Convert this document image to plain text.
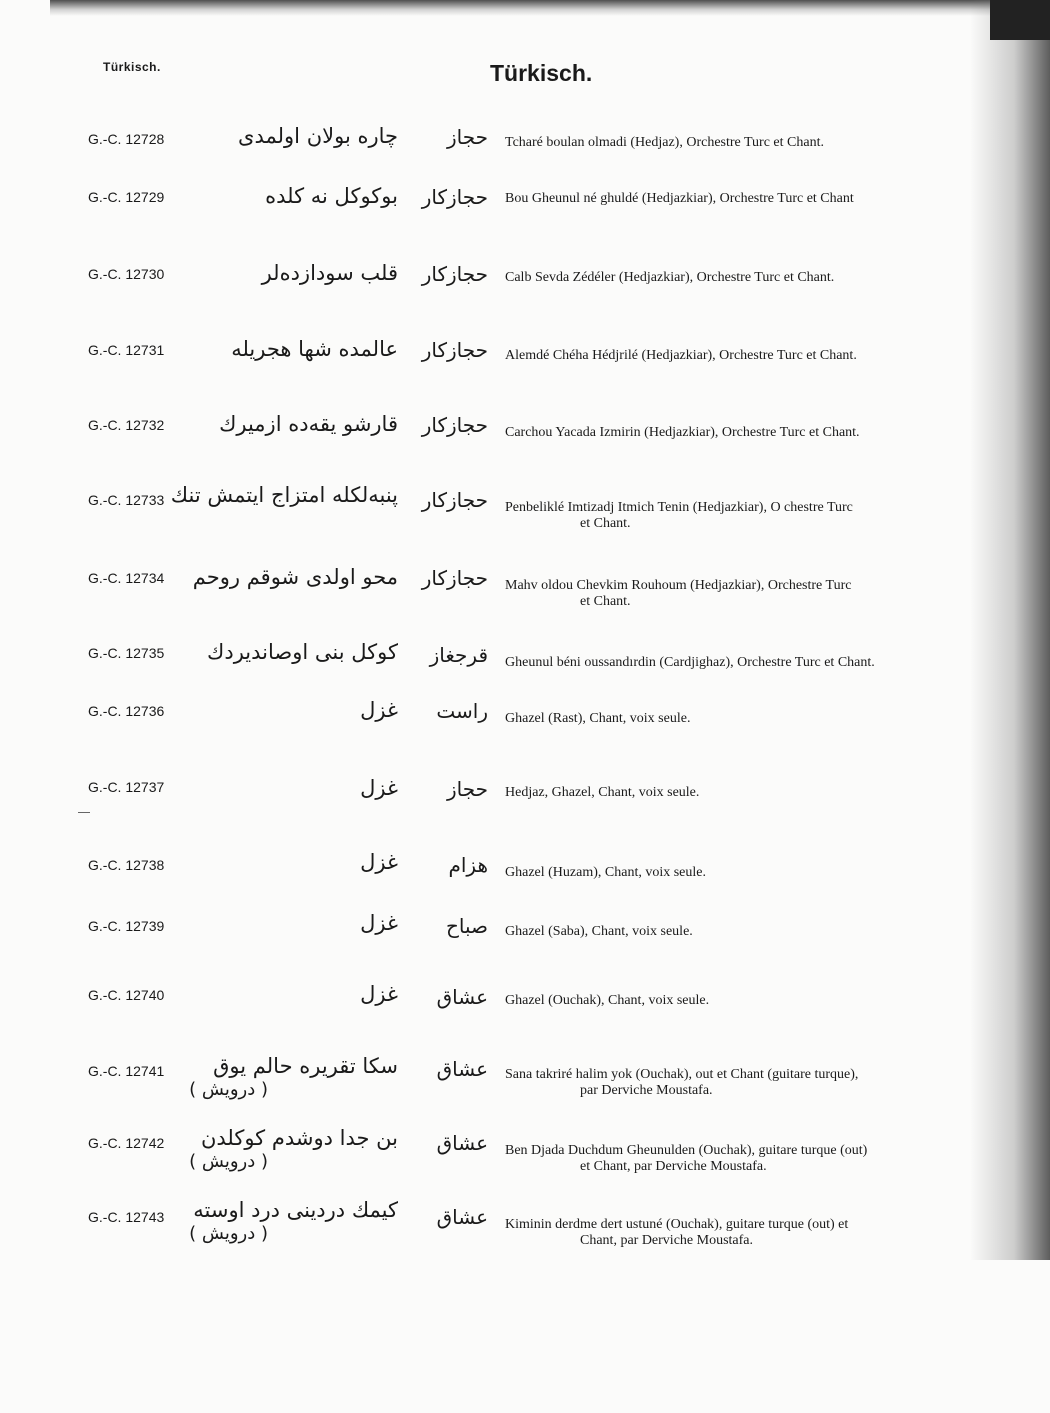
Türkisch.	Türkisch.
G.-C. 12728	چاره بولان اولمدی	حجاز Tcharé boulan olmadi (Hedjaz), Orchestre Turc et Chant.
G.-C. 12729	بوکوکل نه کلده	حجازکار Bou Gheunul né ghuldé (Hedjazkiar), Orchestre Turc et Chant
G.-C. 12730	قلب سودازده‌لر	حجازکار Calb Sevda Zédéler (Hedjazkiar), Orchestre Turc et Chant.
G.-C. 12731	عالمده شها هجریله	حجازکار Alemdé Chéha Hédjrilé (Hedjazkiar), Orchestre Turc et Chant.
G.-C. 12732	قارشو یقه‌ده ازمیرك	حجازکار Carchou Yacada Izmirin (Hedjazkiar), Orchestre Turc et Chant.
G.-C. 12733 پنبه‌لکله امتزاج ایتمش تنك	حجازکار Penbeliklé Imtizadj Itmich Tenin (Hedjazkiar), O chestre Turc
et Chant.
G.-C. 12734	محو اولدی شوقم روحم	حجازکار Mahv oldou Chevkim Rouhoum (Hedjazkiar), Orchestre Turc
et Chant.
G.-C. 12735	کوکل بنی اوصاندیردك	قرجغاز Gheunul béni oussandırdin (Cardjighaz), Orchestre Turc et Chant.
G.-C. 12736	غزل	راست Ghazel (Rast), Chant, voix seule.
G.-C. 12737	غزل	حجاز Hedjaz, Ghazel, Chant, voix seule.
G.-C. 12738	غزل	هزام Ghazel (Huzam), Chant, voix seule.
G.-C. 12739	غزل	صباح Ghazel (Saba), Chant, voix seule.
G.-C. 12740	غزل	عشاق Ghazel (Ouchak), Chant, voix seule.
G.-C. 12741	سکا تقریره حالم یوق
( درویش )
عشاق Sana takriré halim yok (Ouchak), out et Chant (guitare turque),
par Derviche Moustafa.
G.-C. 12742	بن جدا دوشدم کوکلدن
( درویش )
عشاق Ben Djada Duchdum Gheunulden (Ouchak), guitare turque (out)
et Chant, par Derviche Moustafa.
G.-C. 12743	کیمك دردینی درد اوسته
( درویش )
عشاق Kiminin derdme dert ustuné (Ouchak), guitare turque (out) et
Chant, par Derviche Moustafa.
